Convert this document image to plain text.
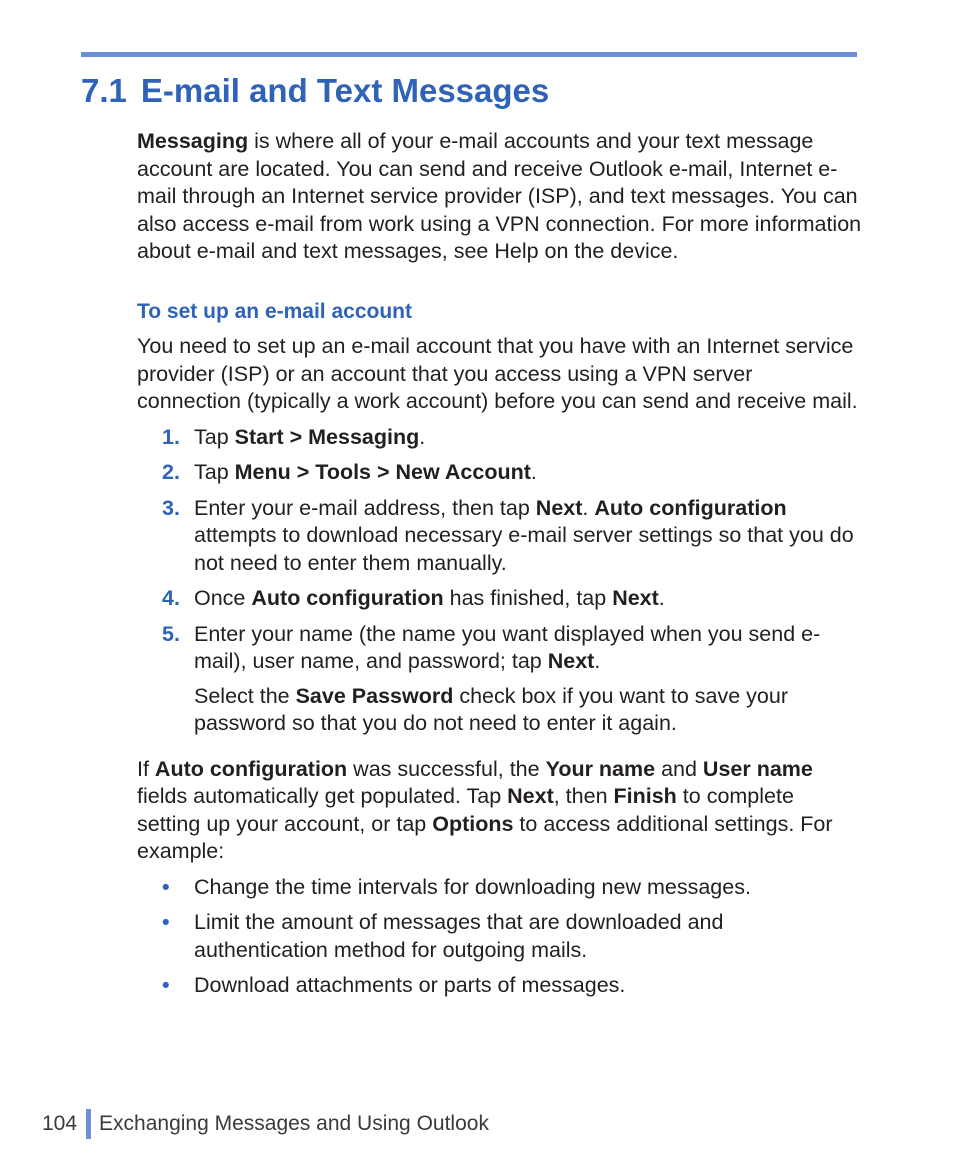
7.1 E-mail and Text Messages

Messaging is where all of your e-mail accounts and your text message account are located. You can send and receive Outlook e-mail, Internet e-mail through an Internet service provider (ISP), and text messages. You can also access e-mail from work using a VPN connection. For more information about e-mail and text messages, see Help on the device.

To set up an e-mail account

You need to set up an e-mail account that you have with an Internet service provider (ISP) or an account that you access using a VPN server connection (typically a work account) before you can send and receive mail.

1. Tap Start > Messaging.

2. Tap Menu > Tools > New Account.

3. Enter your e-mail address, then tap Next. Auto configuration attempts to download necessary e-mail server settings so that you do not need to enter them manually.

4. Once Auto configuration has finished, tap Next.

5. Enter your name (the name you want displayed when you send e-mail), user name, and password; tap Next.

Select the Save Password check box if you want to save your password so that you do not need to enter it again.

If Auto configuration was successful, the Your name and User name fields automatically get populated. Tap Next, then Finish to complete setting up your account, or tap Options to access additional settings. For example:

• Change the time intervals for downloading new messages.
• Limit the amount of messages that are downloaded and authentication method for outgoing mails.
• Download attachments or parts of messages.
104 Exchanging Messages and Using Outlook
